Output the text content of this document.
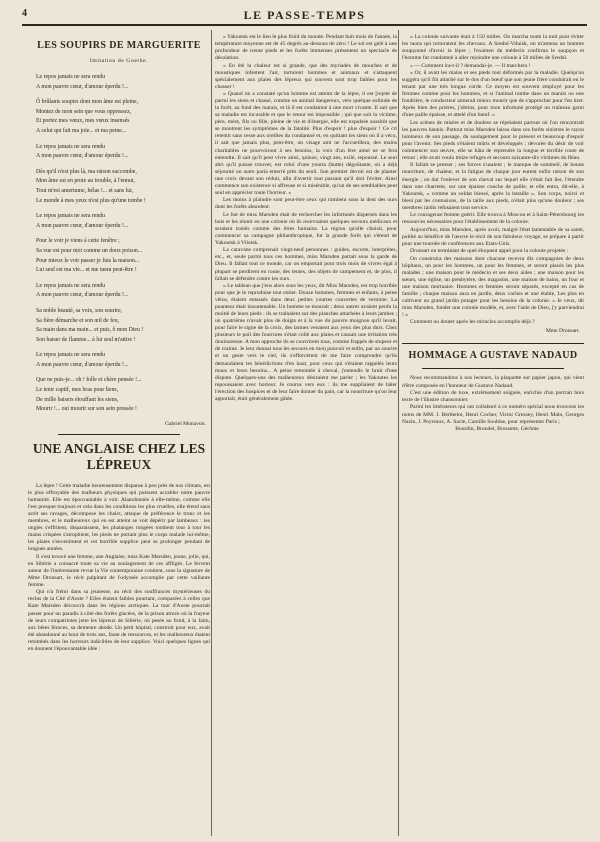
4	LE PASSE-TEMPS
LES SOUPIRS DE MARGUERITE
Imitation de Goethe.
Le repos jamais ne sera rendu
A mon pauvre cœur, d'amour éperdu !...
Ô brûlants soupirs dont mon âme est pleine,
Montez de mon sein que vous oppressez,
Et portez mes vœux, mes vœux insensés
A celui qui fait ma joie... et ma peine...
Le repos jamais ne sera rendu
A mon pauvre cœur, d'amour éperdu !...
Dès qu'il n'est plus là, ma raison succombe,
Mon âme est en proie au trouble, à l'ennui,
Tout m'est amertume, hélas !... et sans lui,
Le monde à mes yeux n'est plus qu'une tombe !
Le repos jamais ne sera rendu
A mon pauvre cœur, d'amour éperdu !...
Pour le voir je viens à cette fenêtre ;
Sa vue est pour moi comme un doux poison...
Pour mieux le voir passer je fuis la maison...
Lui seul est ma vie... et me tuera peut-être !
Le repos jamais ne sera rendu
A mon pauvre cœur, d'amour éperdu !...
Sa noble beauté, sa voix, son sourire,
Sa fière démarche et son œil de feu,
Sa main dans ma main... et puis, ô mon Dieu !
Son baiser de flamme... à lui seul m'attire !
Le repos jamais ne sera rendu
A mon pauvre cœur, d'amour éperdu !...
Que ne puis-je... oh ! folle et chère pensée !...
Le tenir captif, mes bras pour liens,
De mille baisers étouffant les siens,
Mourir !... oui mourir sur son sein pressée !
Gabriel Monavon.
UNE ANGLAISE CHEZ LES LÉPREUX

La lèpre ! Cette maladie heureusement disparue à peu près de nos climats, est le plus effroyable des malheurs physiques qui puissent accabler notre pauvre humanité. Elle est épouvantable à voir. Abandonnée à elle-même, comme elle l'est presque toujours et cela dans les conditions les plus cruelles, elle étend sans arrêt ses ravages, décompose les chairs, attaque de préférence le tronc et les membres, et le malheureux qui en est atteint se voit dépérir par lambeaux : les ongles s'effritent, disparaissent, les phalanges rongées tombent tour à tour les mains crispées s'atrophient, les pieds ne portant plus le corps malade lui-même, les plaies s'enveniment et cet horrible supplice peut se prolonger pendant de longues années.

Il s'est trouvé une femme, une Anglaise, miss Kate Marsden, jeune, jolie, qui, en Sibérie a consacré toute sa vie au soulagement de ces affligés. Le fervent auteur de l'intéressante revue la Vie contemporaine contient, sous la signature de Mme Dronsart, le récit palpitant de l'odyssée accomplie par cette vaillante femme.

Qui n'a frémi dans sa jeunesse, au récit des souffrances mystérieuses du reclus de la Cité d'Aoste ? Elles étaient faibles pourtant, comparées à celles que Kate Marsden découvrit dans les régions arctiques. La tour d'Aoste pourrait passer pour un paradis à côté des forêts glacées, de la prison atroce où la frayeur de leurs compatriotes jette les lépreux de Sibérie, où pesée au froid, à la faim, aux bêtes féroces, sa demeure abode. Un petit hôpital, construit pour eux, avait été abandonné au bout de trois ans, faute de ressources, et les malheureux étaient retombés dans les horreurs indicibles de leur supplice. Voici quelques lignes qui en donnent l'épouvantable idée :

« Yakoutsk est le lieu le plus froid du monde. Pendant huit mois de l'année, la température moyenne est de 45 degrés au-dessous de zéro ! Le sol est gelé à une profondeur de trente pieds et les forêts immenses présentent un spectacle de désolation.

« En été la chaleur est si grande, que des myriades de mouches et de moustiques infestent l'air, torturent hommes et animaux et s'attaquent spécialement aux plaies des lépreux qui souvent sont trop faibles pour les chasser !

« Quand on a constaté qu'un homme est atteint de la lèpre, il est [rejeté de parmi les siens et chassé, comme un animal dangereux, vers quelque solitude de la forêt, au fond des marais, et là il est condamné à une mort vivante. Il sait que sa maladie est incurable et que le retour est impossible ; qui que soit la victime, père, mère, fils ou fille, pleine de vie et d'énergie, elle est expulsée aussitôt que se montrent les symptômes de la fatalité. Plus d'espoir ! plus d'espoir ! Ce cri retentit sans cesse aux oreilles du condamné et, en quittant les siens où il a vécu, il sait que jamais plus, peut-être, un visage ami ne l'accueillera, des mains charitables ne pourvoiront à ses besoins, la voix d'un être aimé ne se fera entendre. Il sait qu'il peut vivre ainsi, quinze, vingt ans, exilé, repoussé. Le seul abri qu'il puisse trouver, est celui d'une yourta (hutte) dégoûtante, où a déjà séjourné un autre paria enterré près du seuil. Son premier devoir est de planter une croix devant son réduit, afin d'avertir tout passant qu'il doit l'éviter. Ainsi commence son existence si affreuse et si misérable, qu'un de ses semblables peut seul en apprécier toute l'horreur. »

Les moins à plaindre sont peut-être ceux qui tombent sous la dent des ours dont les forêts abondent.

Le but de miss Marsden était de rechercher les infortunés dispersés dans les bois et les réunir en une colonie où ils recevraient quelques secours médicaux et seraient traités comme des êtres humains. La région qu'elle choisit, pour commencer sa campagne philanthropique, fut la grande forêt qui s'étend de Yakoutsk à Viloisk.

La caravane comprenait vingt-neuf personnes : guides, escorte, interprètes, etc., et, seule parmi tous ces hommes, miss Marsden partait sous la garde de Dieu. Il fallait tout ce monde, car on emportait pour trois mois de vivres égal à plupart se perdirent en route, des tentes, des objets de campement et, de plus, il fallait se défendre contre les ours.

« Le tableau que j'eus alors sous les yeux, dit Miss Marsden, est trop horrible pour que je le reproduise tout entier. Douze hommes, femmes et enfants, à peine vêtus, étaient entassés dans deux petites yourtes couvertes de vermine. La puanteur était insoutenable. Un homme se mourait ; deux autres avaient perdu la moitié de leurs pieds : ils se traînaient sur des planches attachées à leurs jambes ; un quatrième n'avait plus de doigts et à la vue du pauvre moignon qu'il levait, pour faire le signe de la croix, des larmes venaient aux yeux des plus durs. Chez plusieurs le poil des fourrures s'était collé aux plaies et causait une irritation très douloureuse. A mon approche ils se couvrirent tous, comme frappés de stupeur et de crainte. Je leur donnai tous les secours en mon pouvoir et enfin, par un sourire et un geste vers le ciel, ils s'efforcèrent de me faire comprendre qu'ils demandaient les bénédictions d'en haut, pour ceux qui s'étaient rappelés leurs maux et leurs besoins... A peine remontée à cheval, j'entendis le bruit d'une dispute. Quelques-uns des malheureux désiraient me parler ; les Yakoutes les repoussaient avec horreur. Je courus vers eux : ils me suppliaient de hâter l'érection des hospices et de leur faire donner du pain, car la nourriture qu'on leur apportait, était généralement gâtée.

« La colonie suivante était à 150 milles. On marcha toute la nuit pour éviter les taons qui torturaient les chevaux. A Srednï-Viluisk, on m'amena un homme soupçonné d'avoir la lèpre ; l'examen du médecin confirma le soupçon et l'homme fut condamné à aller rejoindre une colonie à 50 milles de Srednï.

« — Comment ira-t-il ? demandai-je. — Il marchera !

« Or, il avait les mains et ses pieds tout déformés par la maladie. Quelqu'un suggéra qu'il fût attaché sur le dos d'un bœuf que son jeune frère conduirait en le tenant par une très longue corde. Ce moyen est souvent employé pour les femmes comme pour les hommes, et si l'animal tombe dans un marais ou une fondrière, le conducteur aimerait mieux mourir que de s'approcher pour l'en tirer. Après bien des prières, j'obtins, pour mon infortuné protégé un traîneau garni d'une paille épaisse, et attelé d'un bœuf. »

Les scènes de misère et de douleur se répétaient partout où l'on rencontrait les pauvres bannis. Partout miss Marsden laissa dans ces forêts sinistres le rayon lumineux de son passage, du soulagement pour le présent et beaucoup d'espoir pour l'avenir. Ses pieds s'étaient mûris et développés ; dévorée du désir de voir commencer son œuvre, elle se hâta de reprendre la longue et terrible route de retour ; elle avait voulu treize refuges et secouru soixante-dix victimes du fléau.

Il fallait se presser ; ses forces s'usaient ; le manque de sommeil, de bonne nourriture, de chaleur, et la fatigue de chaque jour eurent enfin raison de son énergie ; on dut l'enlever de son cheval sur lequel elle s'était fait lier, l'étendre dans une charrette, sur une épaisse couche de paille, et elle entra, dit-elle, à Yakoutsk, « comme un soldat blessé, après la bataille ». Son corps, noirci et bleui par les contusions, de la taille aux pieds, n'était plus qu'une douleur ; ses membres raidis refusaient tout service.

Le courageuse femme guérit. Elle trouva à Moscou et à Saint-Pétersbourg les ressources nécessaires pour l'établissement de la colonie.

Aujourd'hui, miss Marsden, après avoir, malgré l'état lamentable de sa santé, publié au bénéfice de l'œuvre le récit de son fabuleux voyage, se prépare à partir pour une tournée de conférences aux Etats-Unis.

Dronsart en terminant de quel éloquent appel pour la colonie projetée :

On construira des maisons dont chacune recevra dix compagnies de deux hôpitaux, un pour les hommes, un pour les femmes, et seront placés les plus malades ; une maison pour le médecin et ses deux aides ; une maison pour les sœurs, une église, un presbytère, des magasins, une maison de bains, un four et une maison mortuaire. Hommes et femmes seront séparés, excepté en cas de famille ; chaque maison aura un jardin, deux vaches et une étable. Les plus en cultivent un grand jardin potager pour les besoins de la colonie. « Je veux, dit miss Marsden, fonder une colonie modèle, et, avec l'aide de Dieu, j'y parviendrai ! »

Comment ou douter après les miracles accomplis déjà ?

Mme Dronsart.
HOMMAGE A GUSTAVE NADAUD

Nous recommandons à nos lecteurs, la plaquette sur papier japon, qui vient d'être composée en l'honneur de Gustave Nadaud.

C'est une édition de luxe, extrêmement soignée, enrichie d'un portrait hors texte de l'illustre chansonnier.

Parmi les littérateurs qui ont collaboré à ce numéro spécial nous trouvons les noms de MM. J. Berthelot, Henri Cocher, Victor Gressey, Henri Malo, Georges Nazin, J. Peyreaux, A. Sacle, Camille Soubise, pour représenter Paris ;

Bourdin, Brondel, Brossette, Gérôme
